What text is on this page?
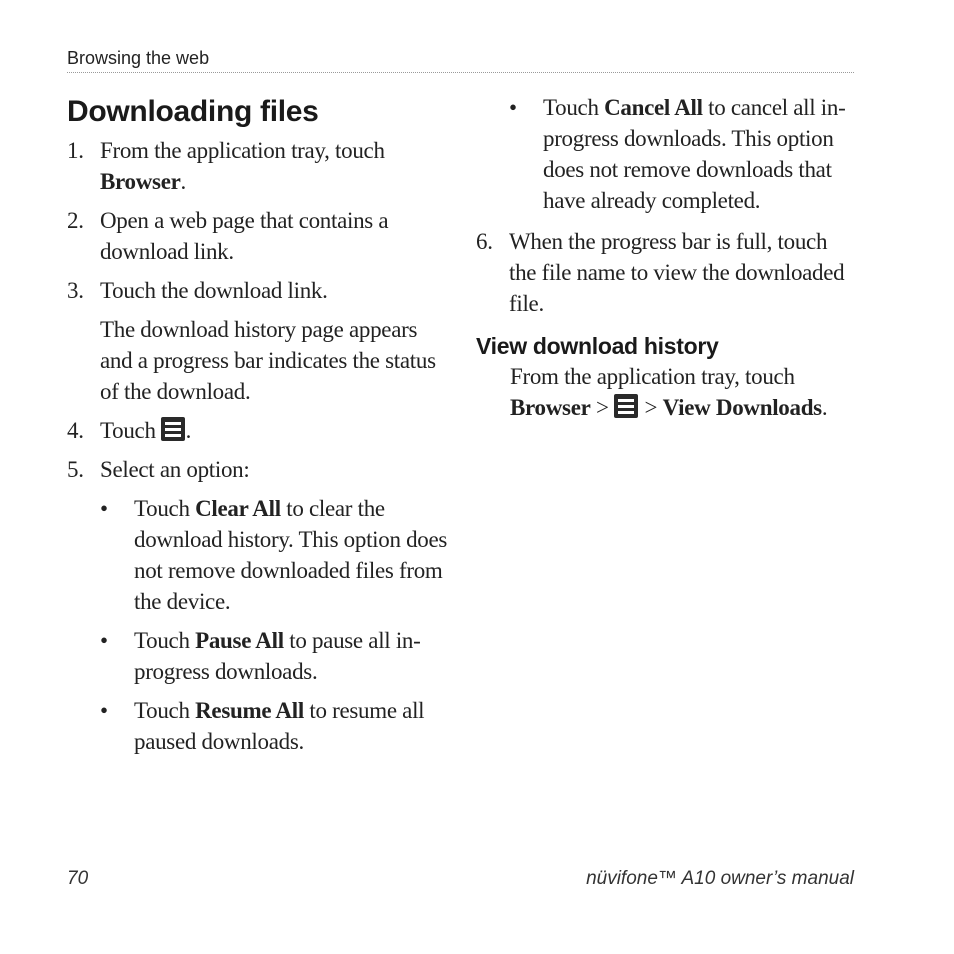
Browsing the web
Downloading files
1. From the application tray, touch Browser.
2. Open a web page that contains a download link.
3. Touch the download link.
The download history page appears and a progress bar indicates the status of the download.
4. Touch .
5. Select an option:
•	Touch Clear All to clear the download history. This option does not remove downloaded files from the device.
•	Touch Pause All to pause all in-progress downloads.
•	Touch Resume All to resume all paused downloads.
•	Touch Cancel All to cancel all in-progress downloads. This option does not remove downloads that have already completed.
6. When the progress bar is full, touch the file name to view the downloaded file.
View download history
From the application tray, touch Browser >
> View Downloads.
70	nüvifone™ A10 owner’s manual
